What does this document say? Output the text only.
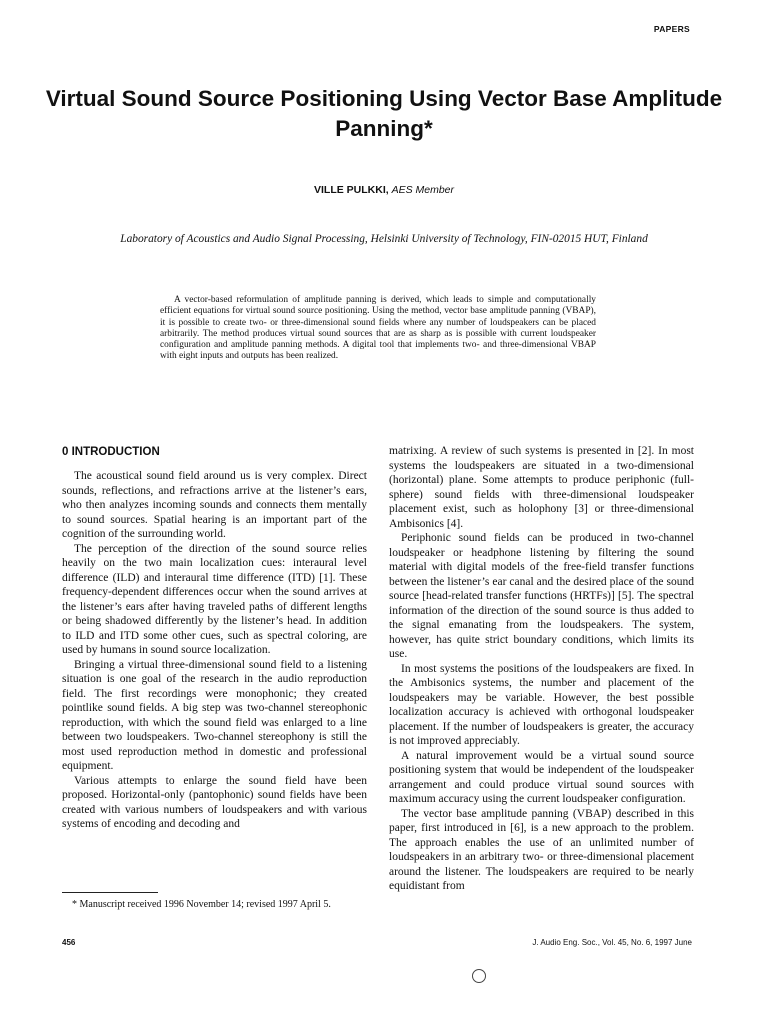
PAPERS
Virtual Sound Source Positioning Using Vector Base Amplitude Panning*
VILLE PULKKI, AES Member
Laboratory of Acoustics and Audio Signal Processing, Helsinki University of Technology, FIN-02015 HUT, Finland
A vector-based reformulation of amplitude panning is derived, which leads to simple and computationally efficient equations for virtual sound source positioning. Using the method, vector base amplitude panning (VBAP), it is possible to create two- or three-dimensional sound fields where any number of loudspeakers can be placed arbitrarily. The method produces virtual sound sources that are as sharp as is possible with current loudspeaker configuration and amplitude panning methods. A digital tool that implements two- and three-dimensional VBAP with eight inputs and outputs has been realized.
0 INTRODUCTION

The acoustical sound field around us is very complex. Direct sounds, reflections, and refractions arrive at the listener’s ears, who then analyzes incoming sounds and connects them mentally to sound sources. Spatial hearing is an important part of the cognition of the surrounding world.

The perception of the direction of the sound source relies heavily on the two main localization cues: interaural level difference (ILD) and interaural time difference (ITD) [1]. These frequency-dependent differences occur when the sound arrives at the listener’s ears after having traveled paths of different lengths or being shadowed differently by the listener’s head. In addition to ILD and ITD some other cues, such as spectral coloring, are used by humans in sound source localization.

Bringing a virtual three-dimensional sound field to a listening situation is one goal of the research in the audio reproduction field. The first recordings were monophonic; they created pointlike sound fields. A big step was two-channel stereophonic reproduction, with which the sound field was enlarged to a line between two loudspeakers. Two-channel stereophony is still the most used reproduction method in domestic and professional equipment.

Various attempts to enlarge the sound field have been proposed. Horizontal-only (pantophonic) sound fields have been created with various numbers of loudspeakers and with various systems of encoding and decoding and

* Manuscript received 1996 November 14; revised 1997 April 5.

matrixing. A review of such systems is presented in [2]. In most systems the loudspeakers are situated in a two-dimensional (horizontal) plane. Some attempts to produce periphonic (full-sphere) sound fields with three-dimensional loudspeaker placement exist, such as holophony [3] or three-dimensional Ambisonics [4].

Periphonic sound fields can be produced in two-channel loudspeaker or headphone listening by filtering the sound material with digital models of the free-field transfer functions between the listener’s ear canal and the desired place of the sound source [head-related transfer functions (HRTFs)] [5]. The spectral information of the direction of the sound source is thus added to the signal emanating from the loudspeakers. The system, however, has quite strict boundary conditions, which limits its use.

In most systems the positions of the loudspeakers are fixed. In the Ambisonics systems, the number and placement of the loudspeakers may be variable. However, the best possible localization accuracy is achieved with orthogonal loudspeaker placement. If the number of loudspeakers is greater, the accuracy is not improved appreciably.

A natural improvement would be a virtual sound source positioning system that would be independent of the loudspeaker arrangement and could produce virtual sound sources with maximum accuracy using the current loudspeaker configuration.

The vector base amplitude panning (VBAP) described in this paper, first introduced in [6], is a new approach to the problem. The approach enables the use of an unlimited number of loudspeakers in an arbitrary two- or three-dimensional placement around the listener. The loudspeakers are required to be nearly equidistant from

456	J. Audio Eng. Soc., Vol. 45, No. 6, 1997 June
